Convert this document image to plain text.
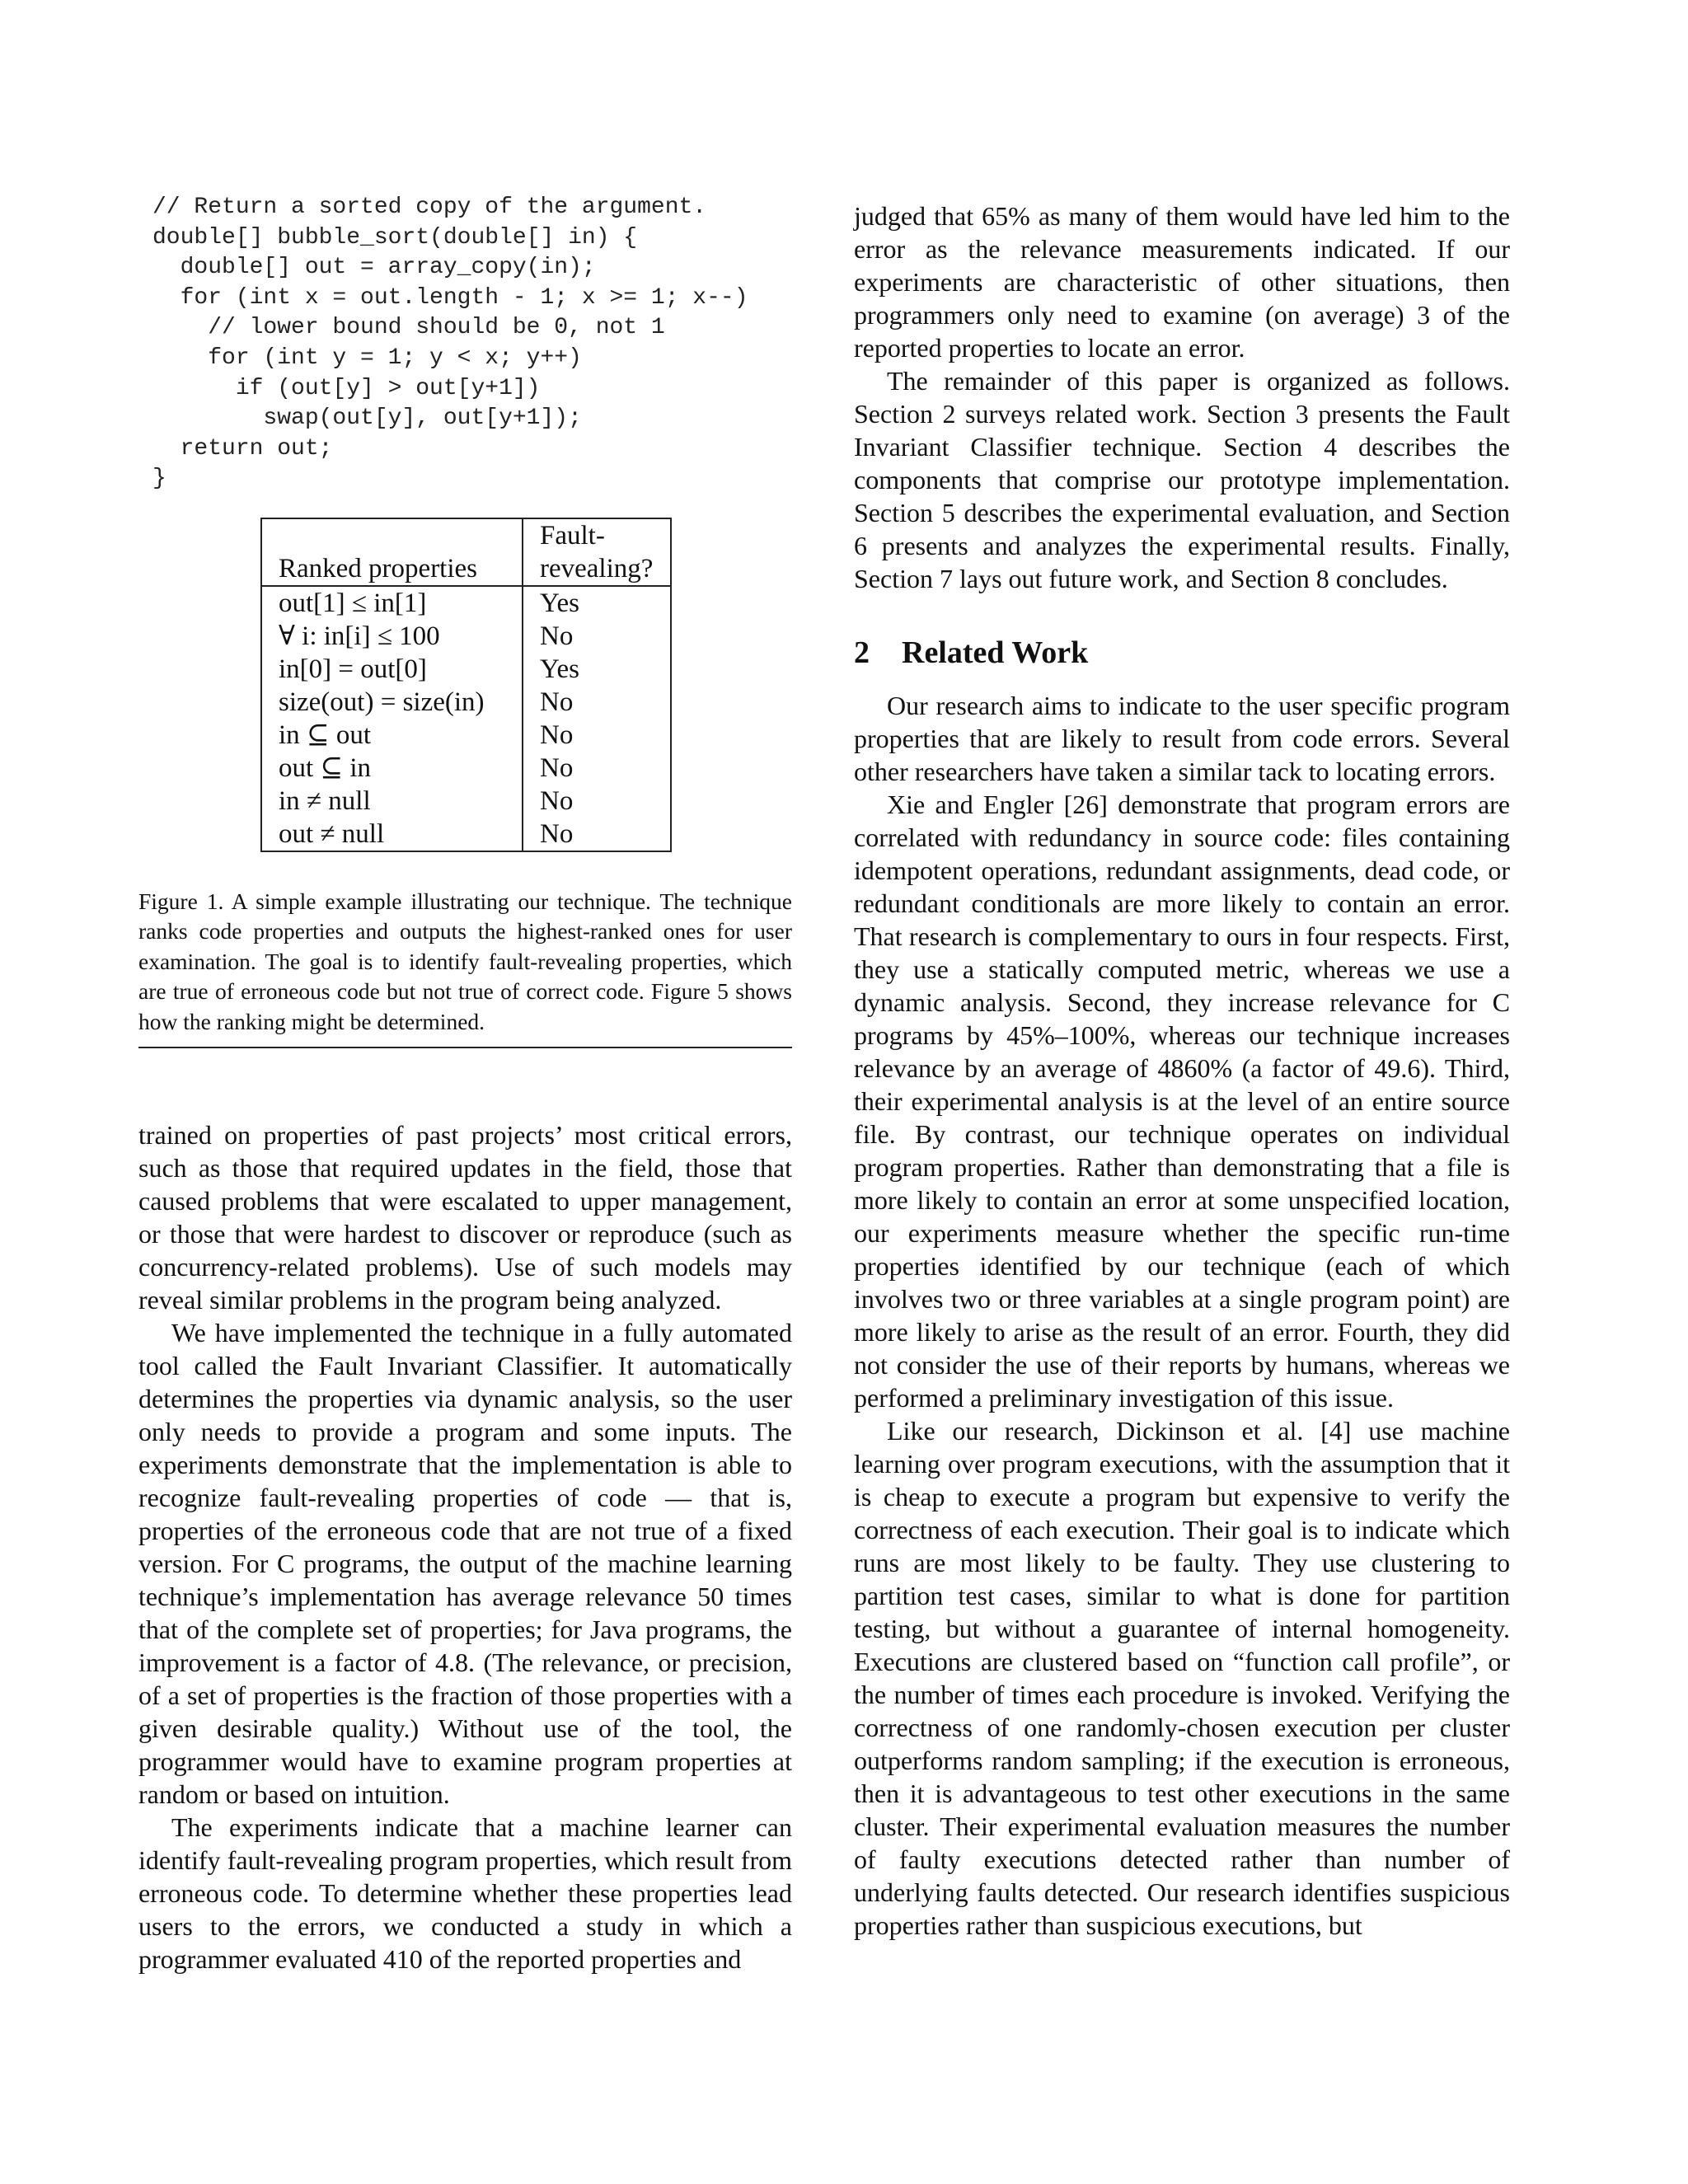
// Return a sorted copy of the argument.
double[] bubble_sort(double[] in) {
double[] out = array_copy(in);
for (int x = out.length - 1; x >= 1; x--)
// lower bound should be 0, not 1
for (int y = 1; y < x; y++)
if (out[y] > out[y+1])
swap(out[y], out[y+1]);
return out;
}
Ranked properties	Fault-revealing?
out[1] ≤ in[1]	Yes
∀ i: in[i] ≤ 100	No
in[0] = out[0]	Yes
size(out) = size(in)	No
in ⊆ out	No
out ⊆ in	No
in ≠ null	No
out ≠ null	No
Figure 1. A simple example illustrating our technique. The technique ranks code properties and outputs the highest-ranked ones for user examination. The goal is to identify fault-revealing properties, which are true of erroneous code but not true of correct code. Figure 5 shows how the ranking might be determined.

trained on properties of past projects’ most critical errors, such as those that required updates in the field, those that caused problems that were escalated to upper management, or those that were hardest to discover or reproduce (such as concurrency-related problems). Use of such models may reveal similar problems in the program being analyzed.

We have implemented the technique in a fully automated tool called the Fault Invariant Classifier. It automatically determines the properties via dynamic analysis, so the user only needs to provide a program and some inputs. The experiments demonstrate that the implementation is able to recognize fault-revealing properties of code — that is, properties of the erroneous code that are not true of a fixed version. For C programs, the output of the machine learning technique’s implementation has average relevance 50 times that of the complete set of properties; for Java programs, the improvement is a factor of 4.8. (The relevance, or precision, of a set of properties is the fraction of those properties with a given desirable quality.) Without use of the tool, the programmer would have to examine program properties at random or based on intuition.

The experiments indicate that a machine learner can identify fault-revealing program properties, which result from erroneous code. To determine whether these properties lead users to the errors, we conducted a study in which a programmer evaluated 410 of the reported properties and

judged that 65% as many of them would have led him to the error as the relevance measurements indicated. If our experiments are characteristic of other situations, then programmers only need to examine (on average) 3 of the reported properties to locate an error.

The remainder of this paper is organized as follows. Section 2 surveys related work. Section 3 presents the Fault Invariant Classifier technique. Section 4 describes the components that comprise our prototype implementation. Section 5 describes the experimental evaluation, and Section 6 presents and analyzes the experimental results. Finally, Section 7 lays out future work, and Section 8 concludes.

2 Related Work

Our research aims to indicate to the user specific program properties that are likely to result from code errors. Several other researchers have taken a similar tack to locating errors.

Xie and Engler [26] demonstrate that program errors are correlated with redundancy in source code: files containing idempotent operations, redundant assignments, dead code, or redundant conditionals are more likely to contain an error. That research is complementary to ours in four respects. First, they use a statically computed metric, whereas we use a dynamic analysis. Second, they increase relevance for C programs by 45%–100%, whereas our technique increases relevance by an average of 4860% (a factor of 49.6). Third, their experimental analysis is at the level of an entire source file. By contrast, our technique operates on individual program properties. Rather than demonstrating that a file is more likely to contain an error at some unspecified location, our experiments measure whether the specific run-time properties identified by our technique (each of which involves two or three variables at a single program point) are more likely to arise as the result of an error. Fourth, they did not consider the use of their reports by humans, whereas we performed a preliminary investigation of this issue.

Like our research, Dickinson et al. [4] use machine learning over program executions, with the assumption that it is cheap to execute a program but expensive to verify the correctness of each execution. Their goal is to indicate which runs are most likely to be faulty. They use clustering to partition test cases, similar to what is done for partition testing, but without a guarantee of internal homogeneity. Executions are clustered based on “function call profile”, or the number of times each procedure is invoked. Verifying the correctness of one randomly-chosen execution per cluster outperforms random sampling; if the execution is erroneous, then it is advantageous to test other executions in the same cluster. Their experimental evaluation measures the number of faulty executions detected rather than number of underlying faults detected. Our research identifies suspicious properties rather than suspicious executions, but
